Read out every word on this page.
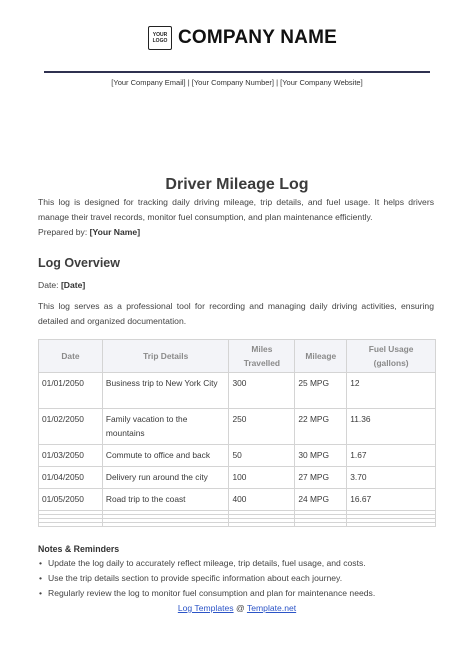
YOUR LOGO COMPANY NAME
[Your Company Email] | [Your Company Number] | [Your Company Website]
Driver Mileage Log
This log is designed for tracking daily driving mileage, trip details, and fuel usage. It helps drivers manage their travel records, monitor fuel consumption, and plan maintenance efficiently.
Prepared by: [Your Name]
Log Overview
Date: [Date]
This log serves as a professional tool for recording and managing daily driving activities, ensuring detailed and organized documentation.
Date	Trip Details	Miles Travelled	Mileage	Fuel Usage (gallons)
01/01/2050	Business trip to New York City	300	25 MPG	12
01/02/2050	Family vacation to the mountains	250	22 MPG	11.36
01/03/2050	Commute to office and back	50	30 MPG	1.67
01/04/2050	Delivery run around the city	100	27 MPG	3.70
01/05/2050	Road trip to the coast	400	24 MPG	16.67

Notes & Reminders
• Update the log daily to accurately reflect mileage, trip details, fuel usage, and costs.
• Use the trip details section to provide specific information about each journey.
• Regularly review the log to monitor fuel consumption and plan for maintenance needs.
Log Templates @ Template.net
